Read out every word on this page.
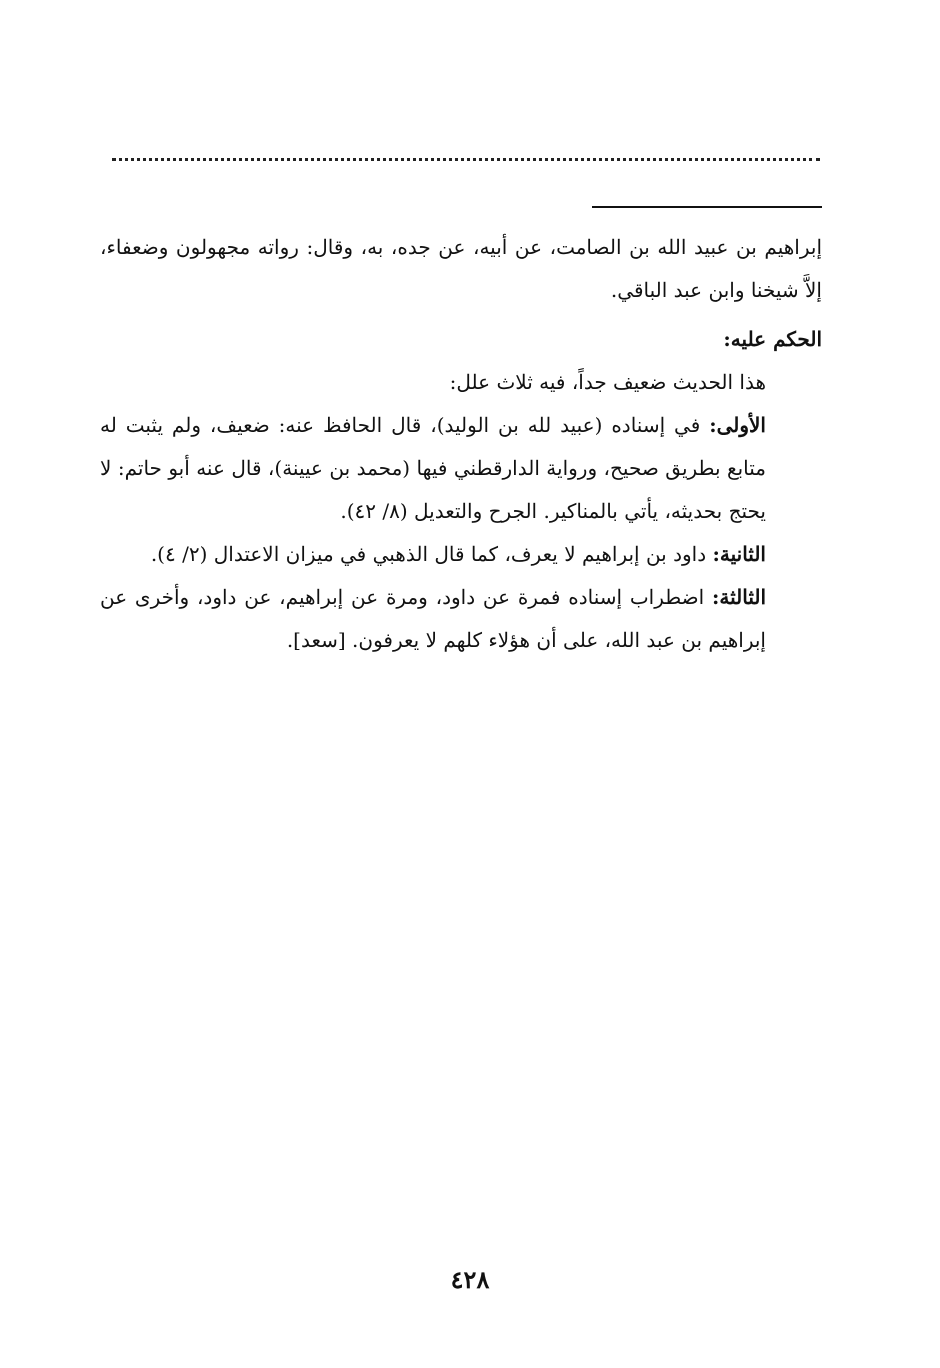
إبراهيم بن عبيد الله بن الصامت، عن أبيه، عن جده، به، وقال: رواته مجهولون وضعفاء، إلاَّ شيخنا وابن عبد الباقي.

الحكم عليه:

هذا الحديث ضعيف جداً، فيه ثلاث علل:

الأولى: في إسناده (عبيد لله بن الوليد)، قال الحافظ عنه: ضعيف، ولم يثبت له متابع بطريق صحيح، ورواية الدارقطني فيها (محمد بن عيينة)، قال عنه أبو حاتم: لا يحتج بحديثه، يأتي بالمناكير. الجرح والتعديل (٨/ ٤٢).

الثانية: داود بن إبراهيم لا يعرف، كما قال الذهبي في ميزان الاعتدال (٢/ ٤).

الثالثة: اضطراب إسناده فمرة عن داود، ومرة عن إبراهيم، عن داود، وأخرى عن إبراهيم بن عبد الله، على أن هؤلاء كلهم لا يعرفون. [سعد].

٤٢٨
